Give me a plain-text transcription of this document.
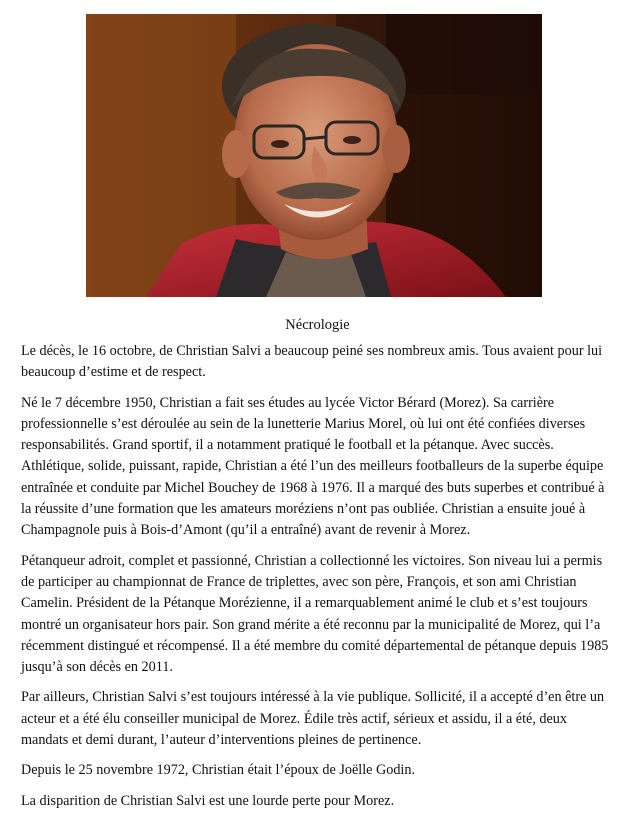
Nécrologie

Le décès, le 16 octobre, de Christian Salvi a beaucoup peiné ses nombreux amis. Tous avaient pour lui beaucoup d’estime et de respect.

Né le 7 décembre 1950, Christian a fait ses études au lycée Victor Bérard (Morez). Sa carrière professionnelle s’est déroulée au sein de la lunetterie Marius Morel, où lui ont été confiées diverses responsabilités. Grand sportif, il a notamment pratiqué le football et la pétanque. Avec succès. Athlétique, solide, puissant, rapide, Christian a été l’un des meilleurs footballeurs de la superbe équipe entraînée et conduite par Michel Bouchey de 1968 à 1976. Il a marqué des buts superbes et contribué à la réussite d’une formation que les amateurs moréziens n’ont pas oubliée. Christian a ensuite joué à Champagnole puis à Bois-d’Amont (qu’il a entraîné) avant de revenir à Morez.

Pétanqueur adroit, complet et passionné, Christian a collectionné les victoires. Son niveau lui a permis de participer au championnat de France de triplettes, avec son père, François, et son ami Christian Camelin. Président de la Pétanque Morézienne, il a remarquablement animé le club et s’est toujours montré un organisateur hors pair. Son grand mérite a été reconnu par la municipalité de Morez, qui l’a récemment distingué et récompensé. Il a été membre du comité départemental de pétanque depuis 1985 jusqu’à son décès en 2011.

Par ailleurs, Christian Salvi s’est toujours intéressé à la vie publique. Sollicité, il a accepté d’en être un acteur et a été élu conseiller municipal de Morez. Édile très actif, sérieux et assidu, il a été, deux mandats et demi durant, l’auteur d’interventions pleines de pertinence.

Depuis le 25 novembre 1972, Christian était l’époux de Joëlle Godin.

La disparition de Christian Salvi est une lourde perte pour Morez.
